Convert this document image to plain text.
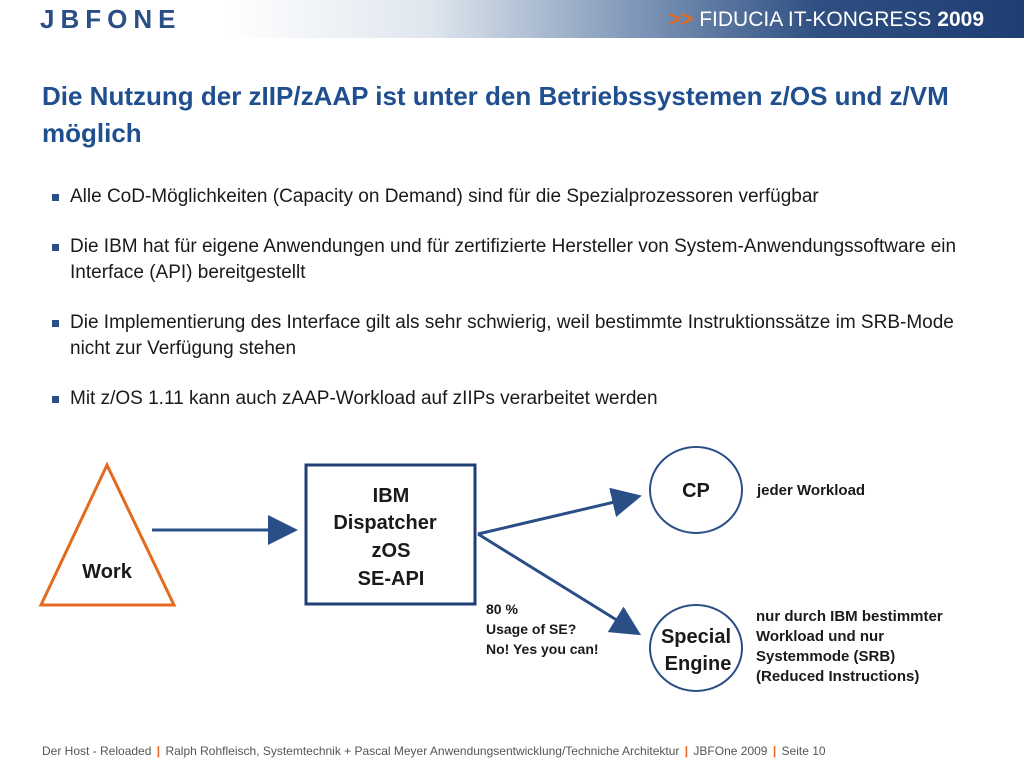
JBFONE	>> FIDUCIA IT-KONGRESS 2009
Die Nutzung der zIIP/zAAP ist unter den Betriebssystemen z/OS und z/VM möglich
Alle CoD-Möglichkeiten (Capacity on Demand) sind für die Spezialprozessoren verfügbar
Die IBM hat für eigene Anwendungen und für zertifizierte Hersteller von System-Anwendungssoftware ein Interface (API) bereitgestellt
Die Implementierung des Interface gilt als sehr schwierig, weil bestimmte Instruktionssätze im SRB-Mode nicht zur Verfügung stehen
Mit z/OS 1.11 kann auch zAAP-Workload auf zIIPs verarbeitet werden
Work
IBM
Dispatcher
zOS
SE-API
CP	jeder Workload
Special
Engine
80 %
Usage of SE?
No! Yes you can!
nur durch IBM bestimmter
Workload und nur
Systemmode (SRB)
(Reduced Instructions)
Der Host - Reloaded | Ralph Rohfleisch, Systemtechnik + Pascal Meyer Anwendungsentwicklung/Techniche Architektur | JBFOne 2009 | Seite 10
